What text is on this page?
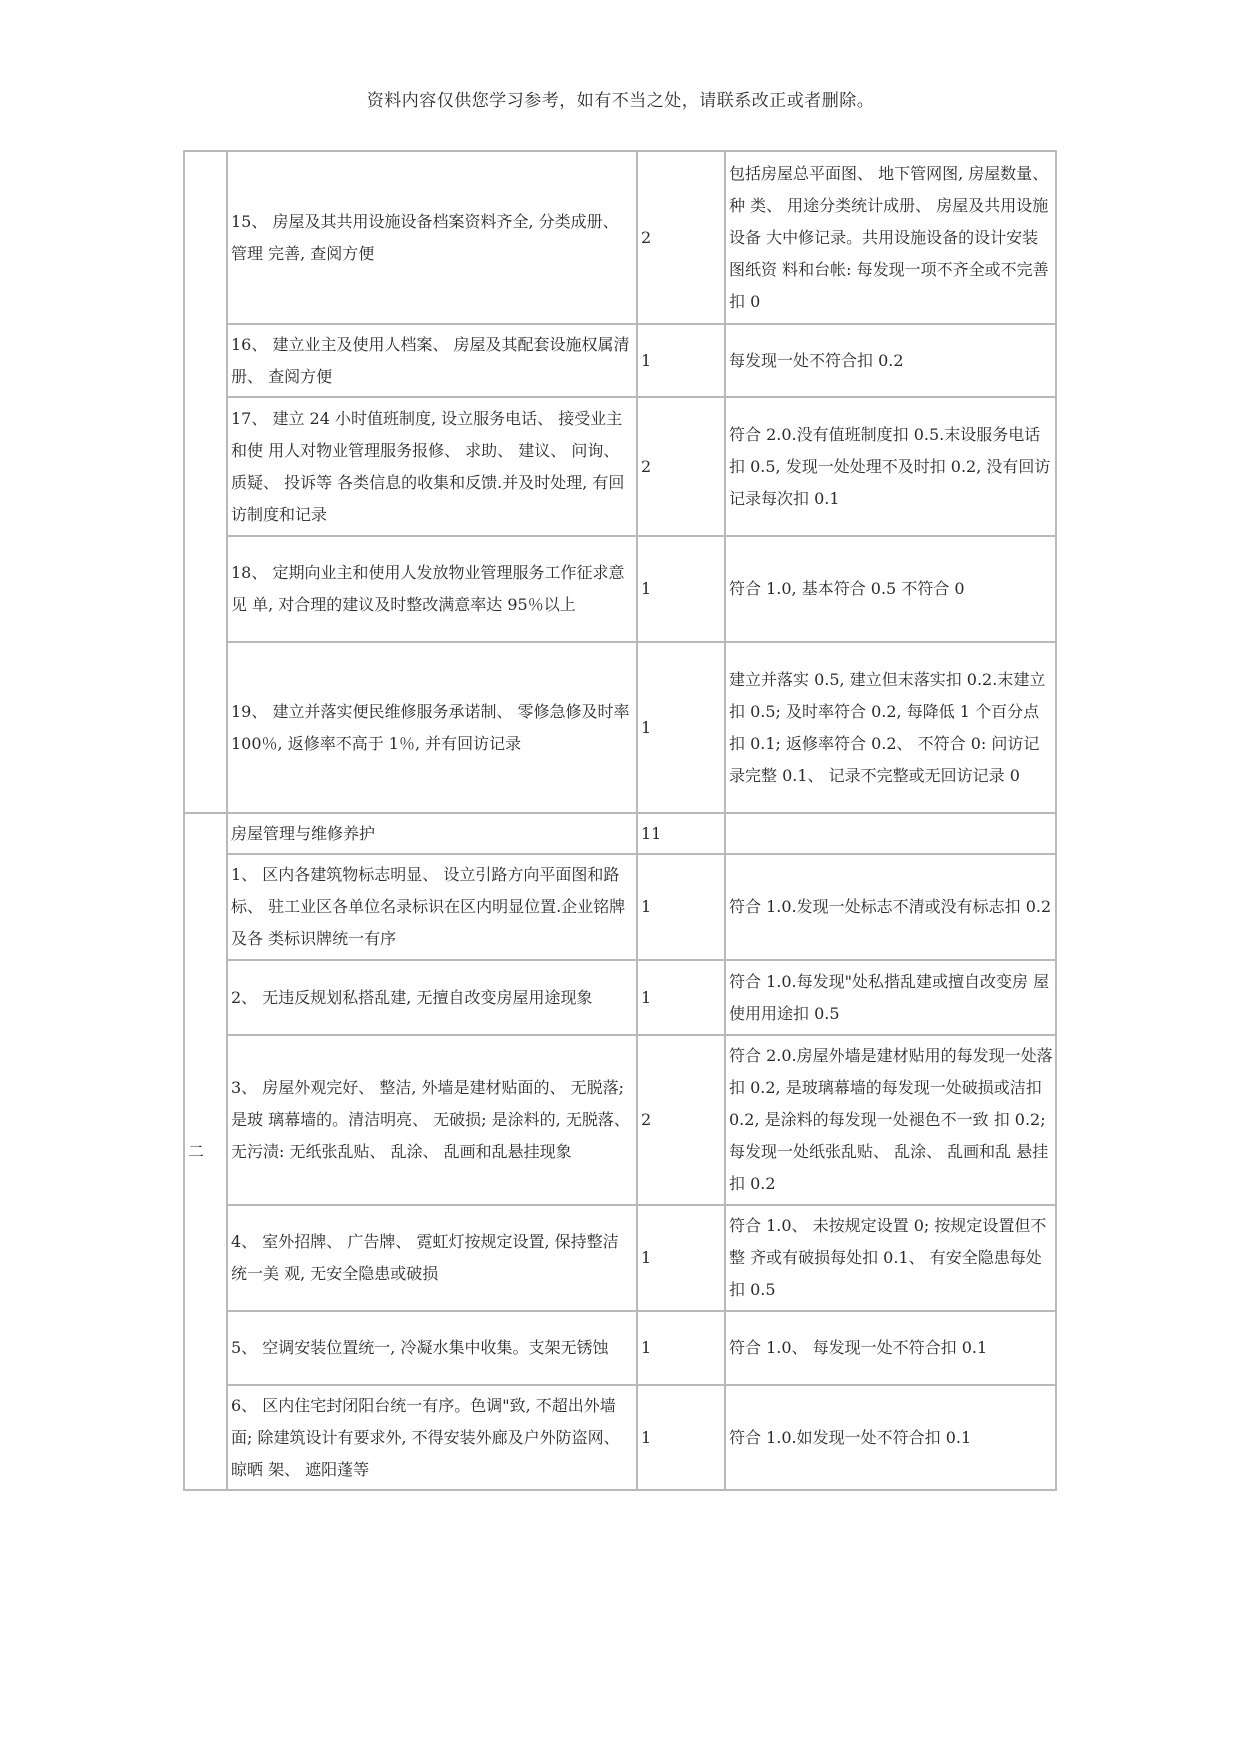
资料内容仅供您学习参考，如有不当之处，请联系改正或者删除。
	15、 房屋及其共用设施设备档案资料齐全, 分类成册、 管理 完善, 查阅方便	2	包括房屋总平面图、 地下管网图, 房屋数量、 种 类、 用途分类统计成册、 房屋及共用设施设备 大中修记录。共用设施设备的设计安装图纸资 料和台帐: 每发现一项不齐全或不完善扣 0
	16、 建立业主及使用人档案、 房屋及其配套设施权属清册、 查阅方便	1	每发现一处不符合扣 0.2
	17、 建立 24 小时值班制度, 设立服务电话、 接受业主和使 用人对物业管理服务报修、 求助、 建议、 问询、 质疑、 投诉等 各类信息的收集和反馈.并及时处理, 有回访制度和记录	2	符合 2.0.没有值班制度扣 0.5.末设服务电话 扣 0.5, 发现一处处理不及时扣 0.2, 没有回访 记录每次扣 0.1
	18、 定期向业主和使用人发放物业管理服务工作征求意见 单, 对合理的建议及时整改满意率达 95％以上	1	符合 1.0, 基本符合 0.5 不符合 0
	19、 建立并落实便民维修服务承诺制、 零修急修及时率 100％, 返修率不高于 1％, 并有回访记录	1	建立并落实 0.5, 建立但末落实扣 0.2.末建立 扣 0.5; 及时率符合 0.2, 每降低 1 个百分点扣 0.1; 返修率符合 0.2、 不符合 0: 问访记录完整 0.1、 记录不完整或无回访记录 0
二	房屋管理与维修养护	11	
	1、 区内各建筑物标志明显、 设立引路方向平面图和路标、 驻工业区各单位名录标识在区内明显位置.企业铭牌及各 类标识牌统一有序	1	符合 1.0.发现一处标志不清或没有标志扣 0.2
	2、 无违反规划私搭乱建, 无擅自改变房屋用途现象	1	符合 1.0.每发现"处私揩乱建或擅自改变房 屋使用用途扣 0.5
	3、 房屋外观完好、 整洁, 外墙是建材贴面的、 无脱落; 是玻 璃幕墙的。清洁明亮、 无破损; 是涂料的, 无脱落、 无污渍: 无纸张乱贴、 乱涂、 乱画和乱悬挂现象	2	符合 2.0.房屋外墙是建材贴用的每发现一处落扣 0.2, 是玻璃幕墙的每发现一处破损或洁扣 0.2, 是涂料的每发现一处褪色不一致 扣 0.2; 每发现一处纸张乱贴、 乱涂、 乱画和乱 悬挂扣 0.2
	4、 室外招牌、 广告牌、 霓虹灯按规定设置, 保持整洁统一美 观, 无安全隐患或破损	1	符合 1.0、 未按规定设置 0; 按规定设置但不整 齐或有破损每处扣 0.1、 有安全隐患每处扣 0.5
	5、 空调安装位置统一, 冷凝水集中收集。支架无锈蚀	1	符合 1.0、 每发现一处不符合扣 0.1
	6、 区内住宅封闭阳台统一有序。色调"致, 不超出外墙面; 除建筑设计有要求外, 不得安装外廊及户外防盗网、 晾晒 架、 遮阳蓬等	1	符合 1.0.如发现一处不符合扣 0.1
